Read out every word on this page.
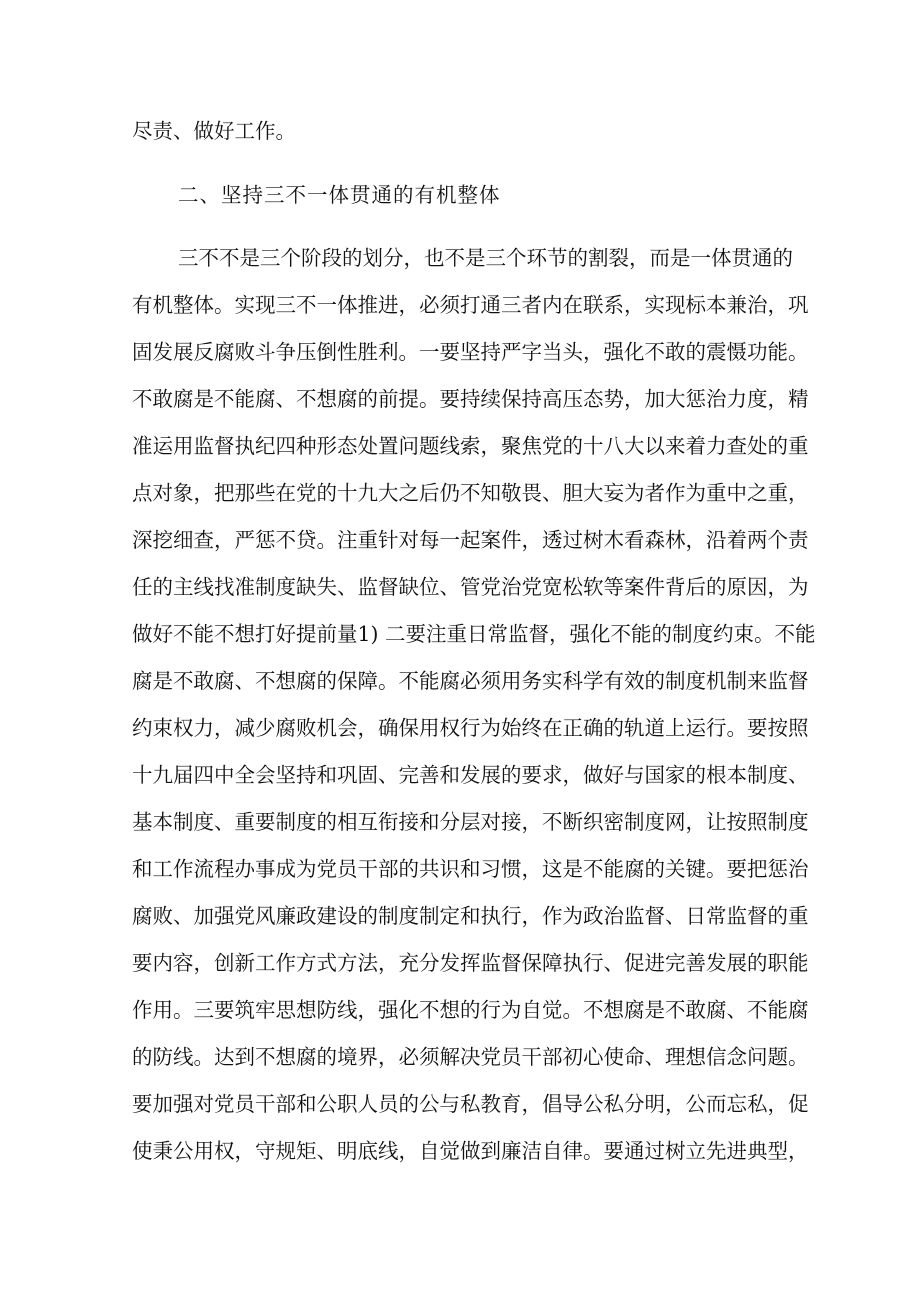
尽责、做好工作。
二、坚持三不一体贯通的有机整体
三不不是三个阶段的划分，也不是三个环节的割裂，而是一体贯通的
有机整体。实现三不一体推进，必须打通三者内在联系，实现标本兼治，巩
固发展反腐败斗争压倒性胜利。一要坚持严字当头，强化不敢的震慑功能。
不敢腐是不能腐、不想腐的前提。要持续保持高压态势，加大惩治力度，精
准运用监督执纪四种形态处置问题线索，聚焦党的十八大以来着力查处的重
点对象，把那些在党的十九大之后仍不知敬畏、胆大妄为者作为重中之重，
深挖细查，严惩不贷。注重针对每一起案件，透过树木看森林，沿着两个责
任的主线找准制度缺失、监督缺位、管党治党宽松软等案件背后的原因，为
做好不能不想打好提前量1) 二要注重日常监督，强化不能的制度约束。不能
腐是不敢腐、不想腐的保障。不能腐必须用务实科学有效的制度机制来监督
约束权力，减少腐败机会，确保用权行为始终在正确的轨道上运行。要按照
十九届四中全会坚持和巩固、完善和发展的要求，做好与国家的根本制度、
基本制度、重要制度的相互衔接和分层对接，不断织密制度网，让按照制度
和工作流程办事成为党员干部的共识和习惯，这是不能腐的关键。要把惩治
腐败、加强党风廉政建设的制度制定和执行，作为政治监督、日常监督的重
要内容，创新工作方式方法，充分发挥监督保障执行、促进完善发展的职能
作用。三要筑牢思想防线，强化不想的行为自觉。不想腐是不敢腐、不能腐
的防线。达到不想腐的境界，必须解决党员干部初心使命、理想信念问题。
要加强对党员干部和公职人员的公与私教育，倡导公私分明，公而忘私，促
使秉公用权，守规矩、明底线，自觉做到廉洁自律。要通过树立先进典型，
